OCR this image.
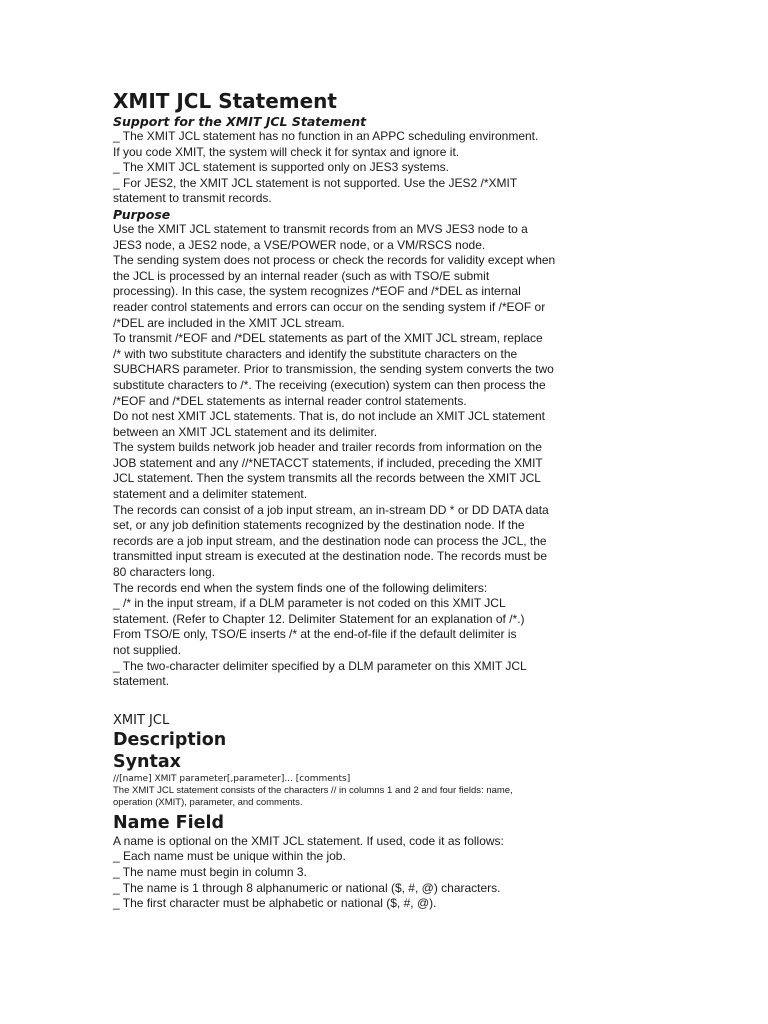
XMIT JCL Statement
Support for the XMIT JCL Statement

_ The XMIT JCL statement has no function in an APPC scheduling environment.

If you code XMIT, the system will check it for syntax and ignore it.

_ The XMIT JCL statement is supported only on JES3 systems.

_ For JES2, the XMIT JCL statement is not supported. Use the JES2 /*XMIT

statement to transmit records.

Purpose

Use the XMIT JCL statement to transmit records from an MVS JES3 node to a

JES3 node, a JES2 node, a VSE/POWER node, or a VM/RSCS node.

The sending system does not process or check the records for validity except when

the JCL is processed by an internal reader (such as with TSO/E submit

processing). In this case, the system recognizes /*EOF and /*DEL as internal

reader control statements and errors can occur on the sending system if /*EOF or

/*DEL are included in the XMIT JCL stream.

To transmit /*EOF and /*DEL statements as part of the XMIT JCL stream, replace

/* with two substitute characters and identify the substitute characters on the

SUBCHARS parameter. Prior to transmission, the sending system converts the two

substitute characters to /*. The receiving (execution) system can then process the

/*EOF and /*DEL statements as internal reader control statements.

Do not nest XMIT JCL statements. That is, do not include an XMIT JCL statement

between an XMIT JCL statement and its delimiter.

The system builds network job header and trailer records from information on the

JOB statement and any //*NETACCT statements, if included, preceding the XMIT

JCL statement. Then the system transmits all the records between the XMIT JCL

statement and a delimiter statement.

The records can consist of a job input stream, an in-stream DD * or DD DATA data

set, or any job definition statements recognized by the destination node. If the

records are a job input stream, and the destination node can process the JCL, the

transmitted input stream is executed at the destination node. The records must be

80 characters long.

The records end when the system finds one of the following delimiters:

_ /* in the input stream, if a DLM parameter is not coded on this XMIT JCL

statement. (Refer to Chapter 12. Delimiter Statement for an explanation of /*.)

From TSO/E only, TSO/E inserts /* at the end-of-file if the default delimiter is

not supplied.

_ The two-character delimiter specified by a DLM parameter on this XMIT JCL

statement.

XMIT JCL

Description
Syntax

//[name] XMIT parameter[,parameter]... [comments]

The XMIT JCL statement consists of the characters // in columns 1 and 2 and four fields: name,

operation (XMIT), parameter, and comments.

Name Field

A name is optional on the XMIT JCL statement. If used, code it as follows:

_ Each name must be unique within the job.

_ The name must begin in column 3.

_ The name is 1 through 8 alphanumeric or national ($, #, @) characters.

_ The first character must be alphabetic or national ($, #, @).
